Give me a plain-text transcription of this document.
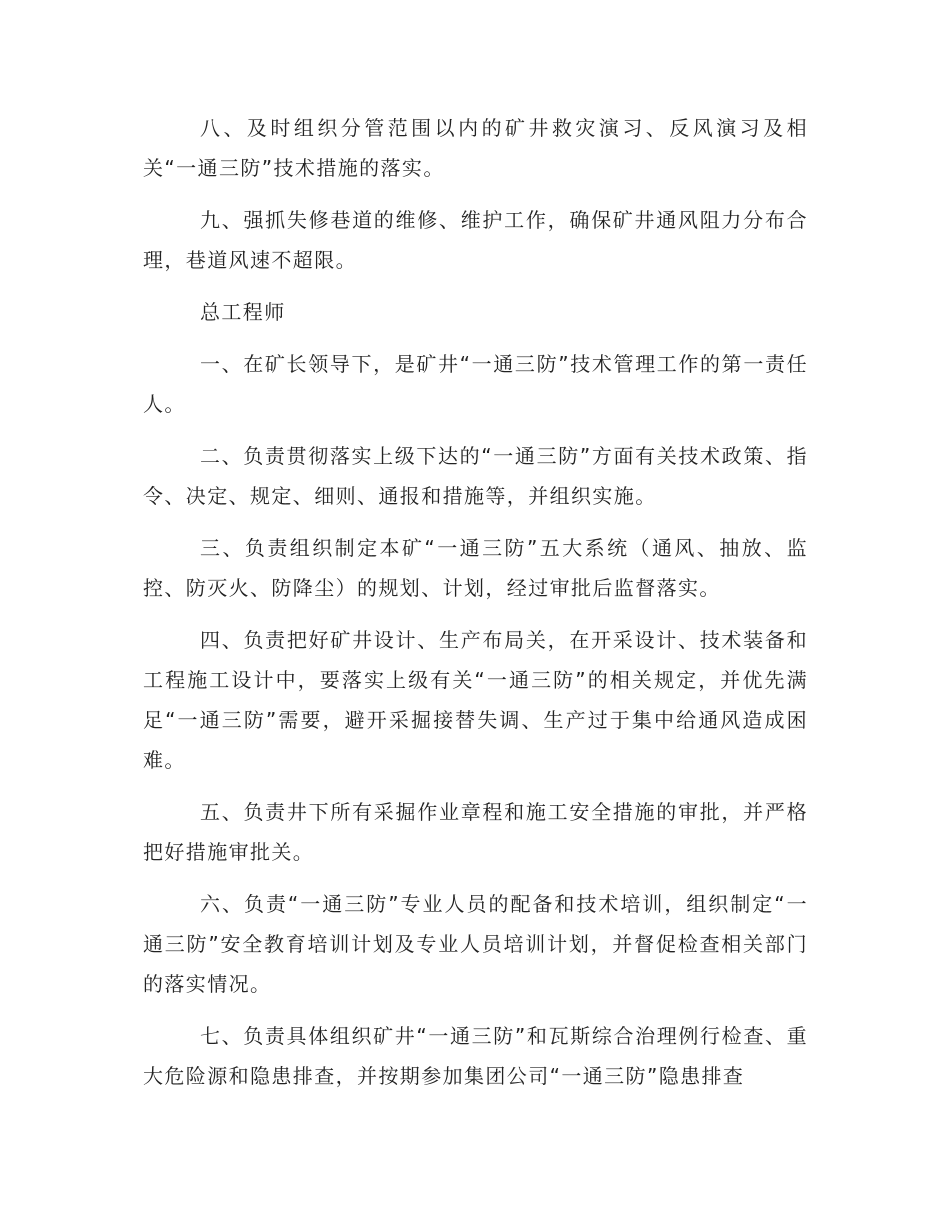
八、及时组织分管范围以内的矿井救灾演习、反风演习及相关“一通三防”技术措施的落实。

九、强抓失修巷道的维修、维护工作，确保矿井通风阻力分布合理，巷道风速不超限。

总工程师

一、在矿长领导下，是矿井“一通三防”技术管理工作的第一责任人。

二、负责贯彻落实上级下达的“一通三防”方面有关技术政策、指令、决定、规定、细则、通报和措施等，并组织实施。

三、负责组织制定本矿“一通三防”五大系统（通风、抽放、监控、防灭火、防降尘）的规划、计划，经过审批后监督落实。

四、负责把好矿井设计、生产布局关，在开采设计、技术装备和工程施工设计中，要落实上级有关“一通三防”的相关规定，并优先满足“一通三防”需要，避开采掘接替失调、生产过于集中给通风造成困难。

五、负责井下所有采掘作业章程和施工安全措施的审批，并严格把好措施审批关。

六、负责“一通三防”专业人员的配备和技术培训，组织制定“一通三防”安全教育培训计划及专业人员培训计划，并督促检查相关部门的落实情况。

七、负责具体组织矿井“一通三防”和瓦斯综合治理例行检查、重大危险源和隐患排查，并按期参加集团公司“一通三防”隐患排查
